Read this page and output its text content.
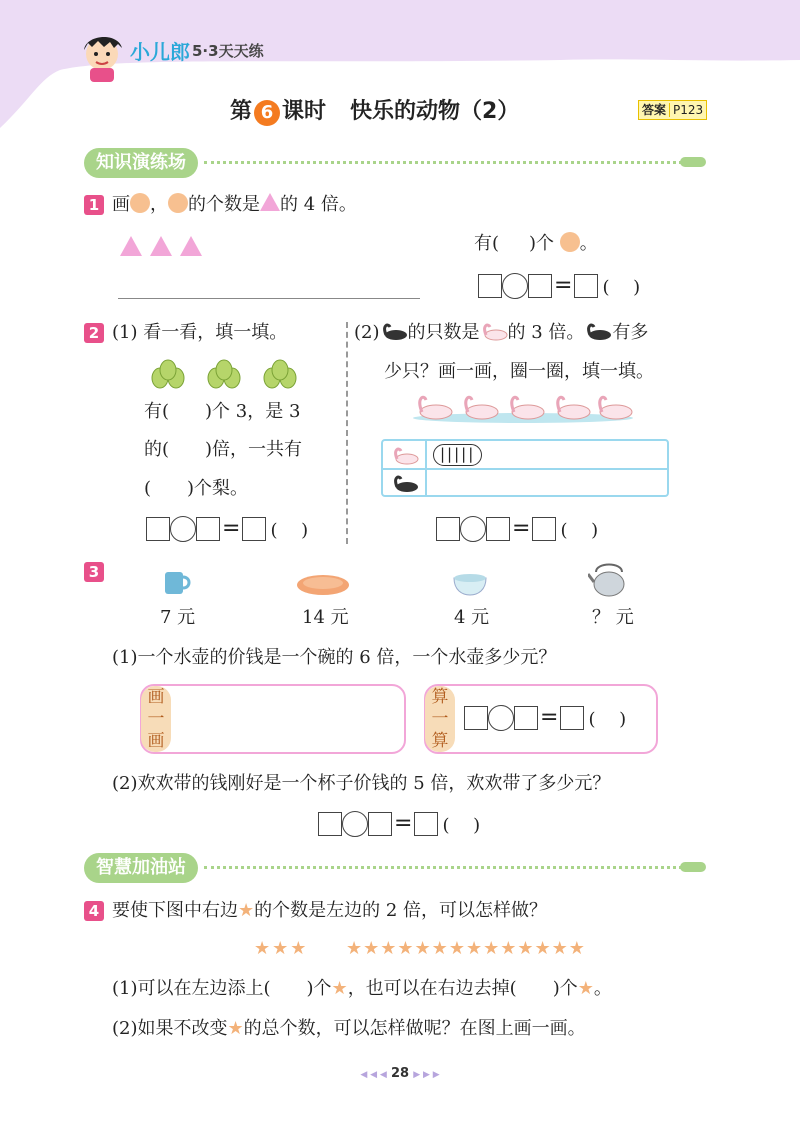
小儿郎 5·3天天练
第 6 课时 快乐的动物（2）	答案 P123
知识演练场
1 画 ， 的个数是 的 4 倍。
有( )个 。
= (　 )
2 (1) 看一看，填一填。
有(　　)个 3，是 3
的(　　)倍，一共有
(　　)个梨。
= (　 )
(2) 的只数是 的 3 倍。 有多
少只？画一画，圈一圈，填一填。
|||||
= (　 )
3
7 元	14 元	4 元	？ 元
(1)一个水壶的价钱是一个碗的 6 倍，一个水壶多少元？
画
一
画
算
一
算
= (　 )
(2)欢欢带的钱刚好是一个杯子价钱的 5 倍，欢欢带了多少元？
= (　 )
智慧加油站
4 要使下图中右边★的个数是左边的 2 倍，可以怎样做？
★★★ ★★★★★★★★★★★★★★
(1)可以在左边添上(　　)个★，也可以在右边去掉(　　)个★。
(2)如果不改变★的总个数，可以怎样做呢？在图上画一画。
◀ ◀ ◀ 28 ▶ ▶ ▶
